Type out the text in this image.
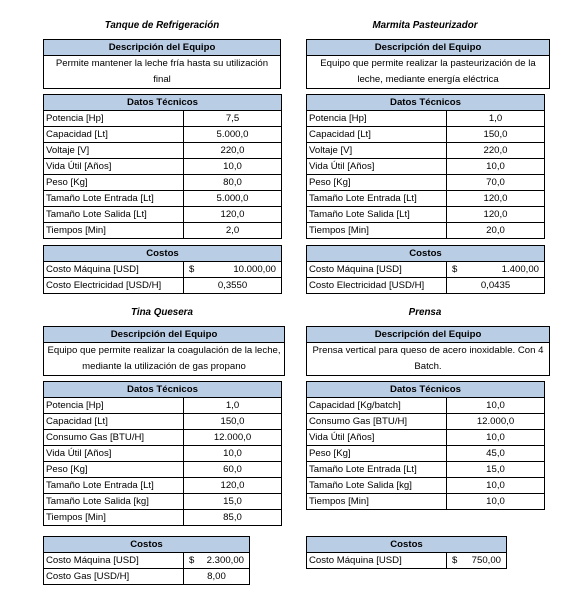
Tanque de Refrigeración
Descripción del Equipo
Permite mantener la leche fría hasta su utilización final
Datos Técnicos	
Potencia [Hp]	7,5
Capacidad [Lt]	5.000,0
Voltaje [V]	220,0
Vida Útil [Años]	10,0
Peso [Kg]	80,0
Tamaño Lote Entrada [Lt]	5.000,0
Tamaño Lote Salida [Lt]	120,0
Tiempos [Min]	2,0
Costos	
Costo Máquina [USD]	$ 10.000,00

Costo Electricidad [USD/H]	0,3550
Marmita Pasteurizador
Descripción del Equipo
Equipo que permite realizar la pasteurización de la leche, mediante energía eléctrica
Datos Técnicos	
Potencia [Hp]	1,0
Capacidad [Lt]	150,0
Voltaje [V]	220,0
Vida Útil [Años]	10,0
Peso [Kg]	70,0
Tamaño Lote Entrada [Lt]	120,0
Tamaño Lote Salida [Lt]	120,0
Tiempos [Min]	20,0
Costos	
Costo Máquina [USD]	$ 1.400,00

Costo Electricidad [USD/H]	0,0435
Tina Quesera
Descripción del Equipo
Equipo que permite realizar la coagulación de la leche, mediante la utilización de gas propano
Datos Técnicos	
Potencia [Hp]	1,0
Capacidad [Lt]	150,0
Consumo Gas [BTU/H]	12.000,0
Vida Útil [Años]	10,0
Peso [Kg]	60,0
Tamaño Lote Entrada [Lt]	120,0
Tamaño Lote Salida [kg]	15,0
Tiempos [Min]	85,0
Costos	
Costo Máquina [USD]	$ 2.300,00

Costo Gas [USD/H]	8,00
Prensa
Descripción del Equipo
Prensa vertical para queso de acero inoxidable. Con 4 Batch.
Datos Técnicos	
Capacidad [Kg/batch]	10,0
Consumo Gas [BTU/H]	12.000,0
Vida Útil [Años]	10,0
Peso [Kg]	45,0
Tamaño Lote Entrada [Lt]	15,0
Tamaño Lote Salida [kg]	10,0
Tiempos [Min]	10,0
Costos
Costo Máquina [USD]	$ 750,00
